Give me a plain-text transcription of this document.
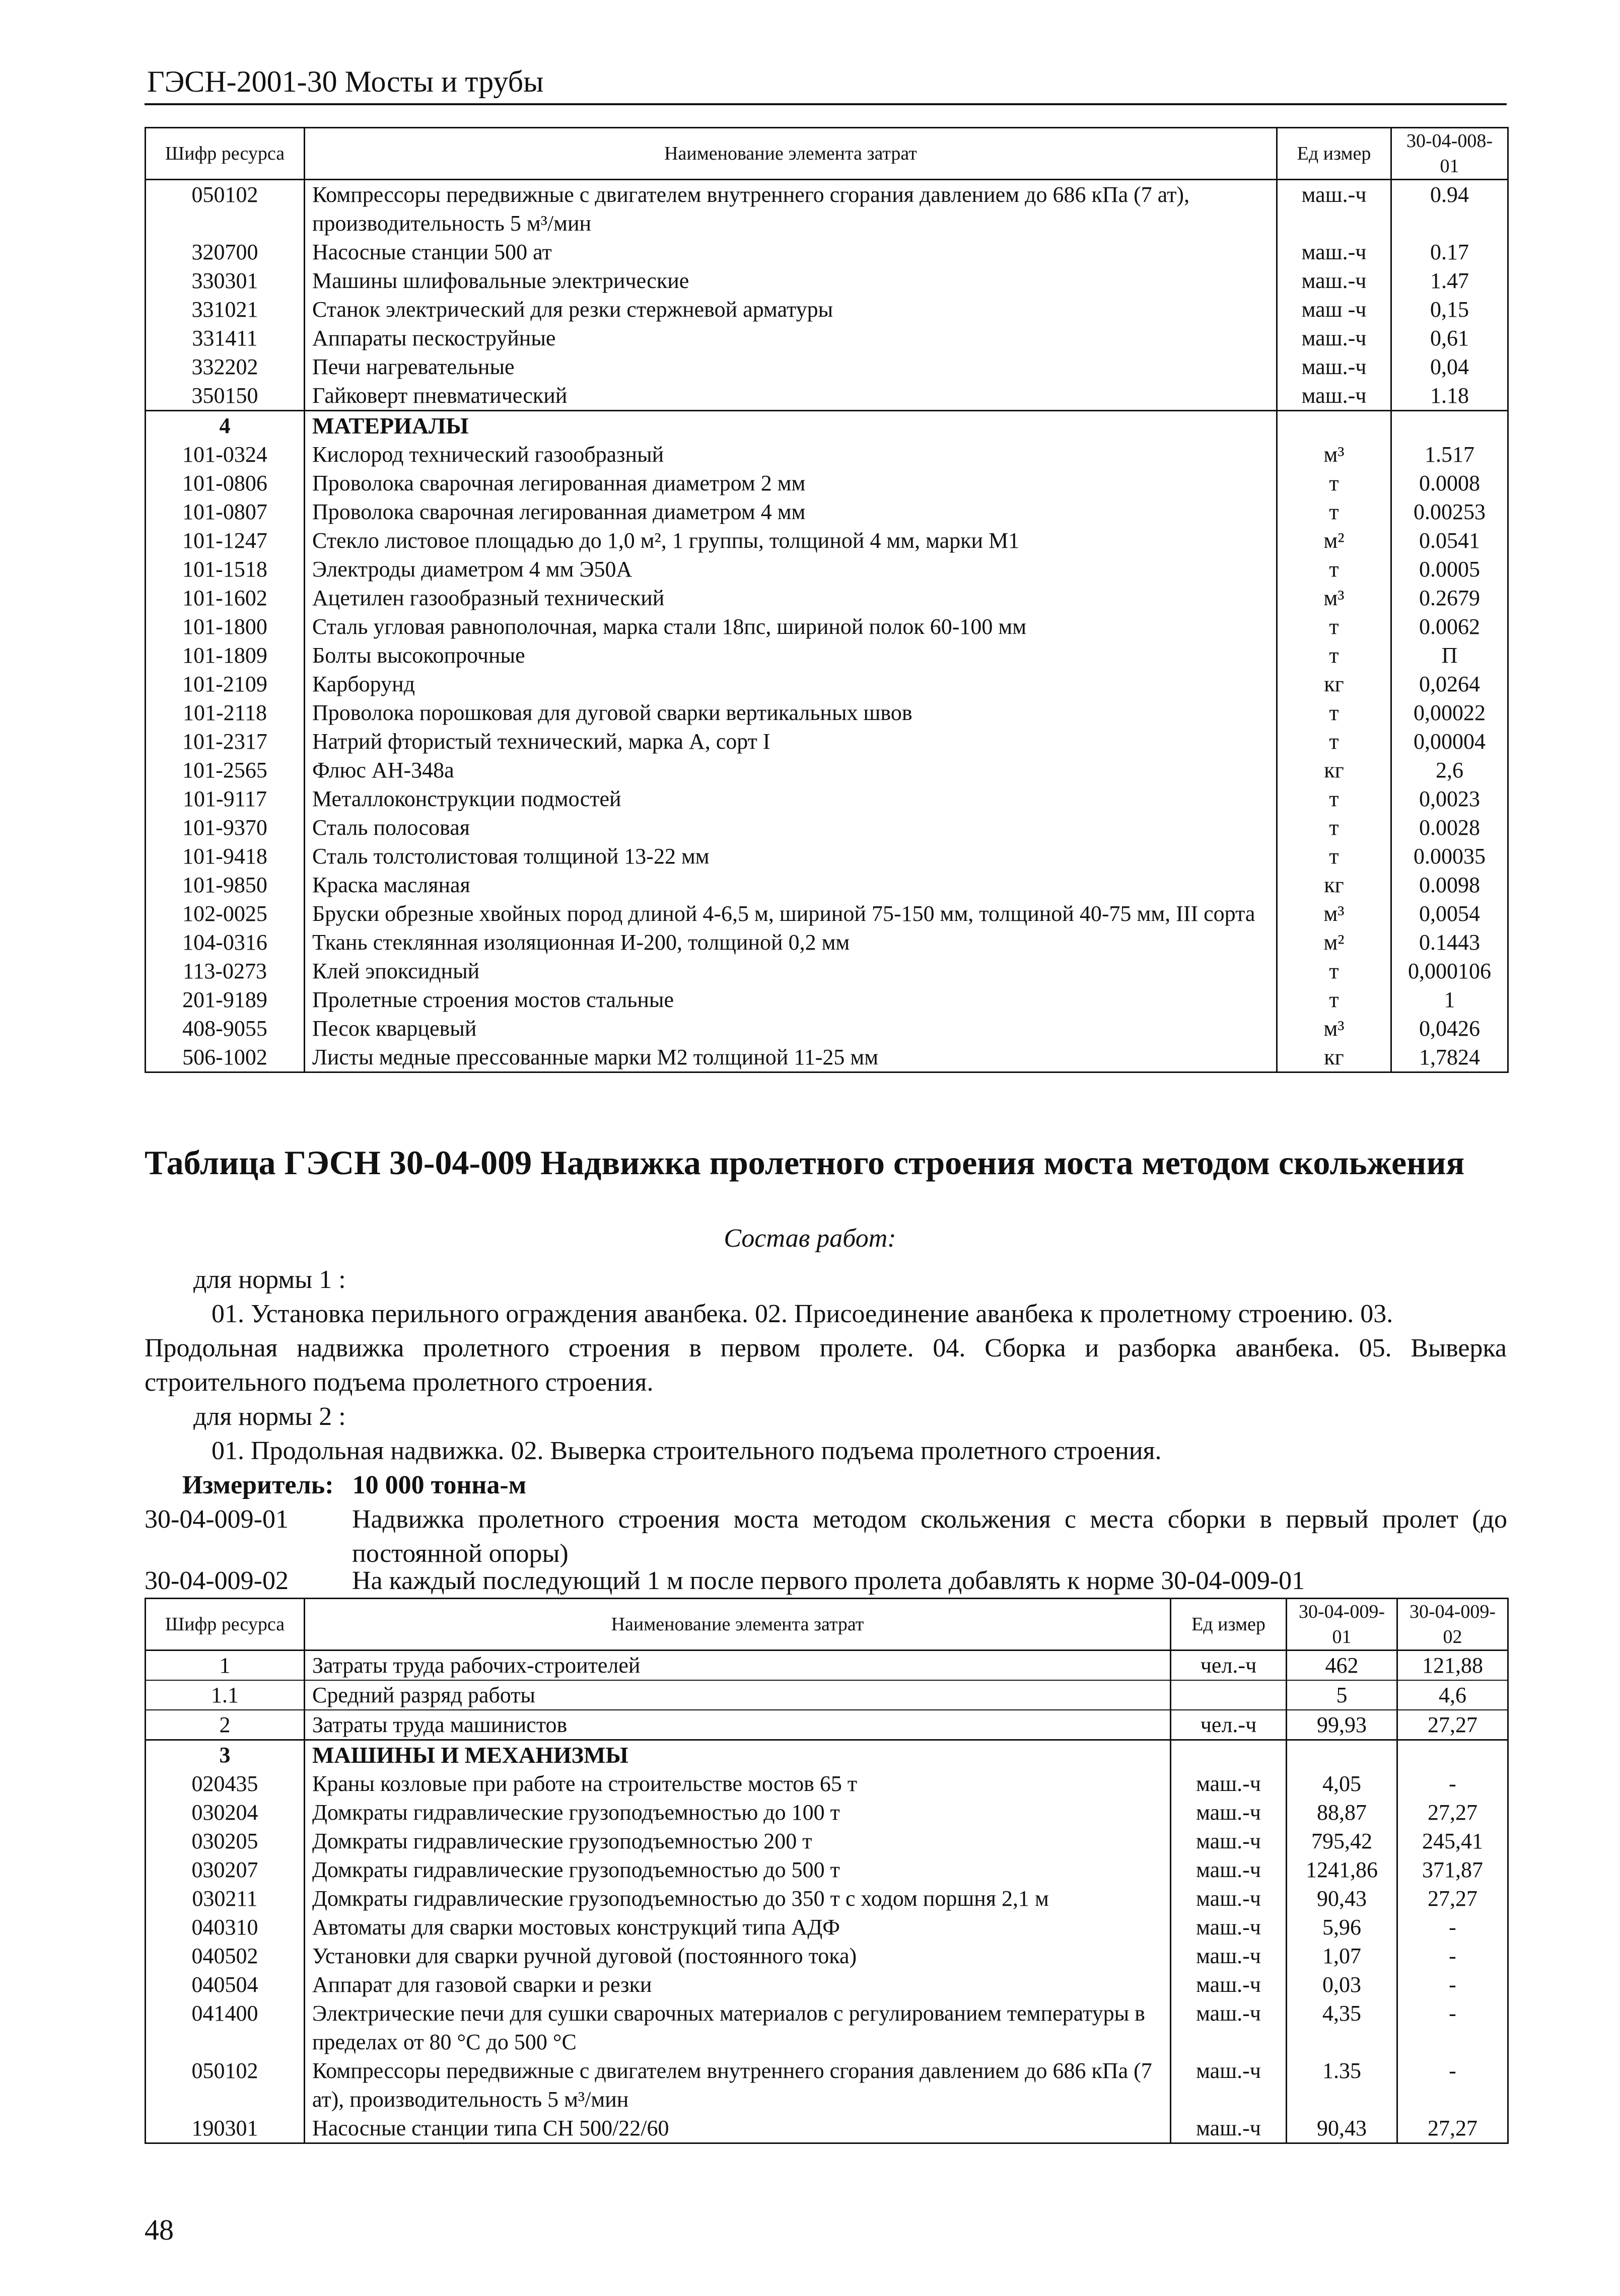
ГЭСН-2001-30 Мосты и трубы
Шифр ресурса	Наименование элемента затрат	Ед измер	30-04-008-01
050102	Компрессоры передвижные с двигателем внутреннего сгорания давлением до 686 кПа (7 ат), производительность 5 м³/мин	маш.-ч	0.94
320700	Насосные станции 500 ат	маш.-ч	0.17
330301	Машины шлифовальные электрические	маш.-ч	1.47
331021	Станок электрический для резки стержневой арматуры	маш -ч	0,15
331411	Аппараты пескоструйные	маш.-ч	0,61
332202	Печи нагревательные	маш.-ч	0,04
350150	Гайковерт пневматический	маш.-ч	1.18
4	МАТЕРИАЛЫ		
101-0324	Кислород технический газообразный	м³	1.517
101-0806	Проволока сварочная легированная диаметром 2 мм	т	0.0008
101-0807	Проволока сварочная легированная диаметром 4 мм	т	0.00253
101-1247	Стекло листовое площадью до 1,0 м², 1 группы, толщиной 4 мм, марки М1	м²	0.0541
101-1518	Электроды диаметром 4 мм Э50А	т	0.0005
101-1602	Ацетилен газообразный технический	м³	0.2679
101-1800	Сталь угловая равнополочная, марка стали 18пс, шириной полок 60-100 мм	т	0.0062
101-1809	Болты высокопрочные	т	П
101-2109	Карборунд	кг	0,0264
101-2118	Проволока порошковая для дуговой сварки вертикальных швов	т	0,00022
101-2317	Натрий фтористый технический, марка А, сорт I	т	0,00004
101-2565	Флюс АН-348а	кг	2,6
101-9117	Металлоконструкции подмостей	т	0,0023
101-9370	Сталь полосовая	т	0.0028
101-9418	Сталь толстолистовая толщиной 13-22 мм	т	0.00035
101-9850	Краска масляная	кг	0.0098
102-0025	Бруски обрезные хвойных пород длиной 4-6,5 м, шириной 75-150 мм, толщиной 40-75 мм, III сорта	м³	0,0054
104-0316	Ткань стеклянная изоляционная И-200, толщиной 0,2 мм	м²	0.1443
113-0273	Клей эпоксидный	т	0,000106
201-9189	Пролетные строения мостов стальные	т	1
408-9055	Песок кварцевый	м³	0,0426
506-1002	Листы медные прессованные марки М2 толщиной 11-25 мм	кг	1,7824
Таблица ГЭСН 30-04-009 Надвижка пролетного строения моста методом скольжения
Состав работ:
для нормы 1 :
01. Установка перильного ограждения аванбека. 02. Присоединение аванбека к пролетному строению. 03.
Продольная надвижка пролетного строения в первом пролете. 04. Сборка и разборка аванбека. 05. Выверка строительного подъема пролетного строения.
для нормы 2 :
01. Продольная надвижка. 02. Выверка строительного подъема пролетного строения.
Измеритель: 10 000 тонна-м
30-04-009-01 Надвижка пролетного строения моста методом скольжения с места сборки в первый пролет (до постоянной опоры)
30-04-009-02 На каждый последующий 1 м после первого пролета добавлять к норме 30-04-009-01
Шифр ресурса	Наименование элемента затрат	Ед измер	30-04-009-01	30-04-009-02
1	Затраты труда рабочих-строителей	чел.-ч	462	121,88
1.1	Средний разряд работы		5	4,6
2	Затраты труда машинистов	чел.-ч	99,93	27,27
3	МАШИНЫ И МЕХАНИЗМЫ			
020435	Краны козловые при работе на строительстве мостов 65 т	маш.-ч	4,05	-
030204	Домкраты гидравлические грузоподъемностью до 100 т	маш.-ч	88,87	27,27
030205	Домкраты гидравлические грузоподъемностью 200 т	маш.-ч	795,42	245,41
030207	Домкраты гидравлические грузоподъемностью до 500 т	маш.-ч	1241,86	371,87
030211	Домкраты гидравлические грузоподъемностью до 350 т с ходом поршня 2,1 м	маш.-ч	90,43	27,27
040310	Автоматы для сварки мостовых конструкций типа АДФ	маш.-ч	5,96	-
040502	Установки для сварки ручной дуговой (постоянного тока)	маш.-ч	1,07	-
040504	Аппарат для газовой сварки и резки	маш.-ч	0,03	-
041400	Электрические печи для сушки сварочных материалов с регулированием температуры в пределах от 80 °С до 500 °С	маш.-ч	4,35	-
050102	Компрессоры передвижные с двигателем внутреннего сгорания давлением до 686 кПа (7 ат), производительность 5 м³/мин	маш.-ч	1.35	-
190301	Насосные станции типа СН 500/22/60	маш.-ч	90,43	27,27
48
